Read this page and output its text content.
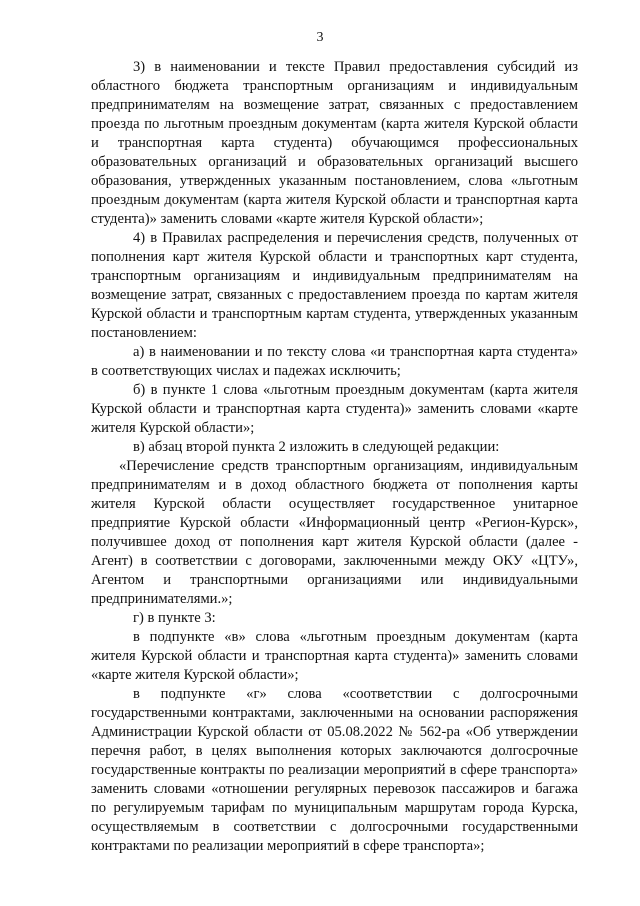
3

3) в наименовании и тексте Правил предоставления субсидий из областного бюджета транспортным организациям и индивидуальным предпринимателям на возмещение затрат, связанных с предоставлением проезда по льготным проездным документам (карта жителя Курской области и транспортная карта студента) обучающимся профессиональных образовательных организаций и образовательных организаций высшего образования, утвержденных указанным постановлением, слова «льготным проездным документам (карта жителя Курской области и транспортная карта студента)» заменить словами «карте жителя Курской области»;

4) в Правилах распределения и перечисления средств, полученных от пополнения карт жителя Курской области и транспортных карт студента, транспортным организациям и индивидуальным предпринимателям на возмещение затрат, связанных с предоставлением проезда по картам жителя Курской области и транспортным картам студента, утвержденных указанным постановлением:

а) в наименовании и по тексту слова «и транспортная карта студента» в соответствующих числах и падежах исключить;

б) в пункте 1 слова «льготным проездным документам (карта жителя Курской области и транспортная карта студента)» заменить словами «карте жителя Курской области»;

в) абзац второй пункта 2 изложить в следующей редакции:

«Перечисление средств транспортным организациям, индивидуальным предпринимателям и в доход областного бюджета от пополнения карты жителя Курской области осуществляет государственное унитарное предприятие Курской области «Информационный центр «Регион-Курск», получившее доход от пополнения карт жителя Курской области (далее - Агент) в соответствии с договорами, заключенными между ОКУ «ЦТУ», Агентом и транспортными организациями или индивидуальными предпринимателями.»;

г) в пункте 3:

в подпункте «в» слова «льготным проездным документам (карта жителя Курской области и транспортная карта студента)» заменить словами «карте жителя Курской области»;

в подпункте «г» слова «соответствии с долгосрочными государственными контрактами, заключенными на основании распоряжения Администрации Курской области от 05.08.2022 № 562-ра «Об утверждении перечня работ, в целях выполнения которых заключаются долгосрочные государственные контракты по реализации мероприятий в сфере транспорта» заменить словами «отношении регулярных перевозок пассажиров и багажа по регулируемым тарифам по муниципальным маршрутам города Курска, осуществляемым в соответствии с долгосрочными государственными контрактами по реализации мероприятий в сфере транспорта»;
